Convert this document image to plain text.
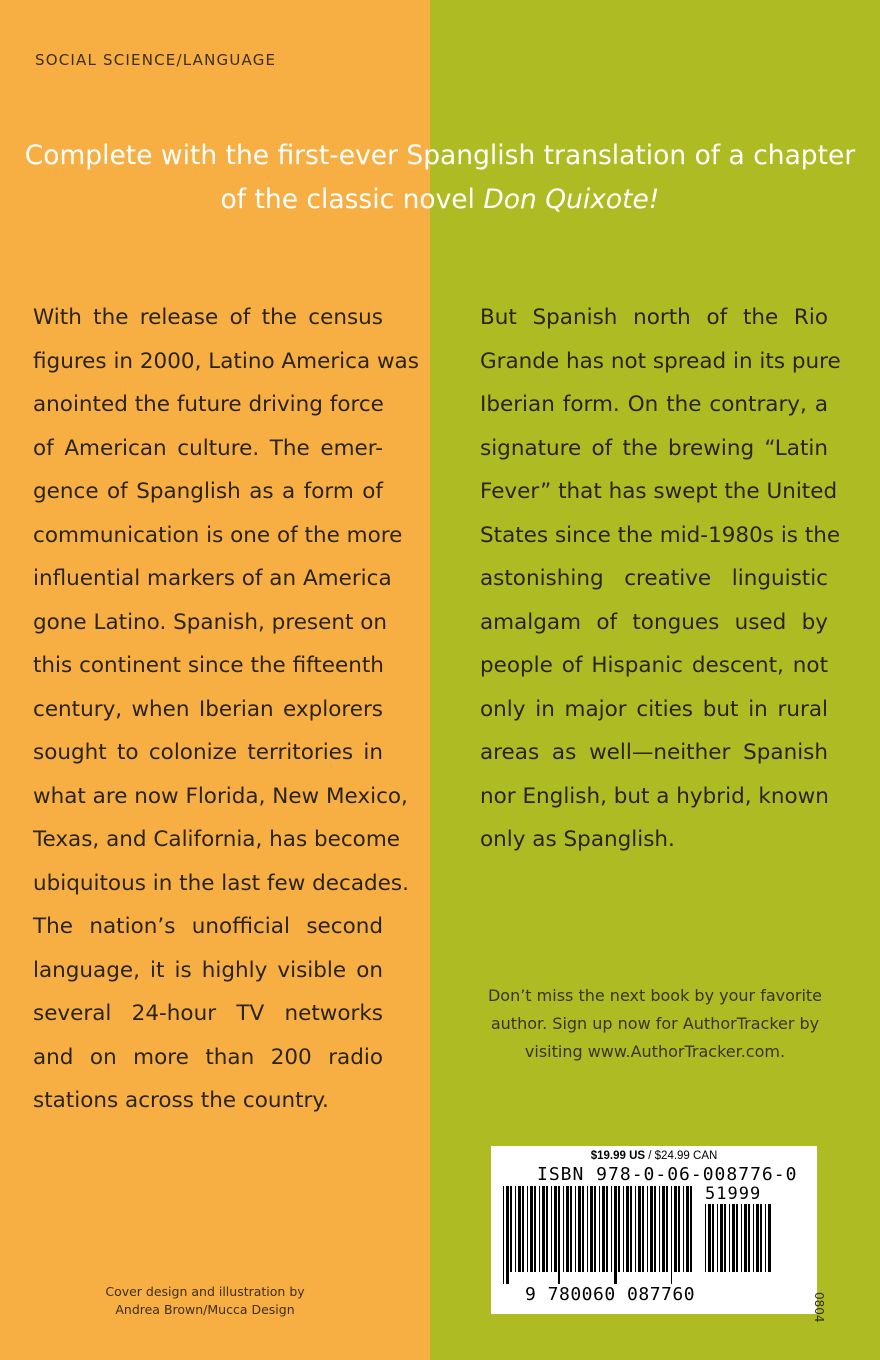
SOCIAL SCIENCE/LANGUAGE
Complete with the first-ever Spanglish translation of a chapter
of the classic novel Don Quixote!
With the release of the census
figures in 2000, Latino America was
anointed the future driving force
of American culture. The emer-
gence of Spanglish as a form of
communication is one of the more
influential markers of an America
gone Latino. Spanish, present on
this continent since the fifteenth
century, when Iberian explorers
sought to colonize territories in
what are now Florida, New Mexico,
Texas, and California, has become
ubiquitous in the last few decades.
The nation’s unofficial second
language, it is highly visible on
several 24-hour TV networks
and on more than 200 radio
stations across the country.
But Spanish north of the Rio
Grande has not spread in its pure
Iberian form. On the contrary, a
signature of the brewing “Latin
Fever” that has swept the United
States since the mid-1980s is the
astonishing creative linguistic
amalgam of tongues used by
people of Hispanic descent, not
only in major cities but in rural
areas as well—neither Spanish
nor English, but a hybrid, known
only as Spanglish.
Don’t miss the next book by your favorite
author. Sign up now for AuthorTracker by
visiting www.AuthorTracker.com.
$19.99 US / $24.99 CAN
ISBN 978-0-06-008776-0
51999
9 780060 087760	0804
Cover design and illustration by
Andrea Brown/Mucca Design
